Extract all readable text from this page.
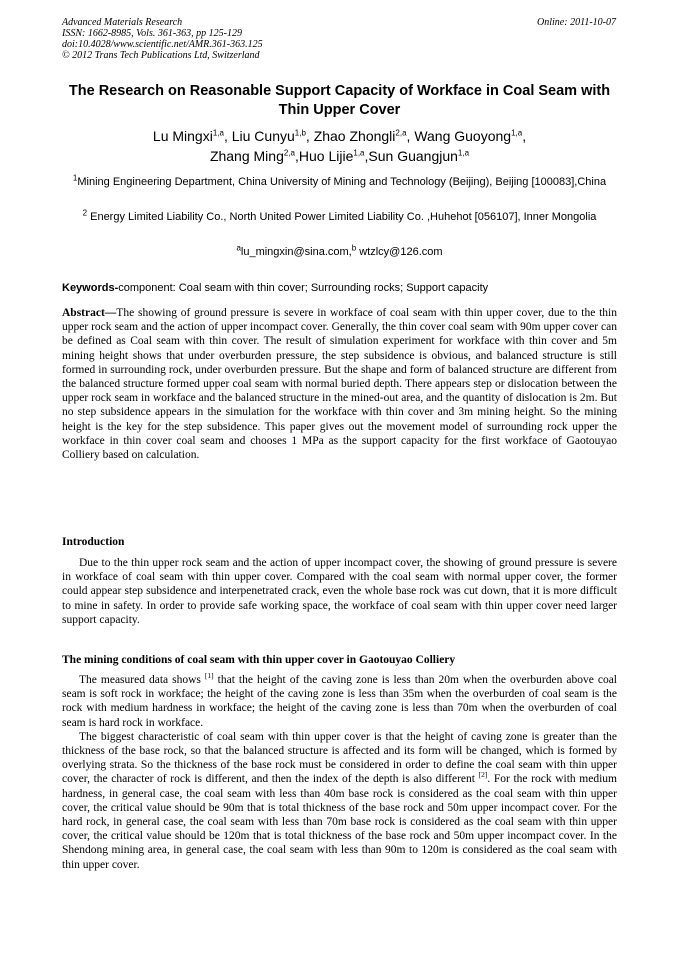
Advanced Materials Research
ISSN: 1662-8985, Vols. 361-363, pp 125-129
doi:10.4028/www.scientific.net/AMR.361-363.125
© 2012 Trans Tech Publications Ltd, Switzerland
Online: 2011-10-07
The Research on Reasonable Support Capacity of Workface in Coal Seam with Thin Upper Cover
Lu Mingxi$^{1,a}$, Liu Cunyu$^{1,b}$, Zhao Zhongli$^{2,a}$, Wang Guoyong$^{1,a}$,
Zhang Ming$^{2,a}$,Huo Lijie$^{1,a}$,Sun Guangjun$^{1,a}$
$^1$Mining Engineering Department, China University of Mining and Technology (Beijing), Beijing [100083],China
$^2$ Energy Limited Liability Co., North United Power Limited Liability Co. ,Huhehot [056107], Inner Mongolia
$^a$lu_mingxin@sina.com,$^b$ wtzlcy@126.com
Keywords-component: Coal seam with thin cover; Surrounding rocks; Support capacity

Abstract—The showing of ground pressure is severe in workface of coal seam with thin upper cover, due to the thin upper rock seam and the action of upper incompact cover. Generally, the thin cover coal seam with 90m upper cover can be defined as Coal seam with thin cover. The result of simulation experiment for workface with thin cover and 5m mining height shows that under overburden pressure, the step subsidence is obvious, and balanced structure is still formed in surrounding rock, under overburden pressure. But the shape and form of balanced structure are different from the balanced structure formed upper coal seam with normal buried depth. There appears step or dislocation between the upper rock seam in workface and the balanced structure in the mined-out area, and the quantity of dislocation is 2m. But no step subsidence appears in the simulation for the workface with thin cover and 3m mining height. So the mining height is the key for the step subsidence. This paper gives out the movement model of surrounding rock upper the workface in thin cover coal seam and chooses 1 MPa as the support capacity for the first workface of Gaotouyao Colliery based on calculation.

Introduction

Due to the thin upper rock seam and the action of upper incompact cover, the showing of ground pressure is severe in workface of coal seam with thin upper cover. Compared with the coal seam with normal upper cover, the former could appear step subsidence and interpenetrated crack, even the whole base rock was cut down, that it is more difficult to mine in safety. In order to provide safe working space, the workface of coal seam with thin upper cover need larger support capacity.

The mining conditions of coal seam with thin upper cover in Gaotouyao Colliery

The measured data shows [1] that the height of the caving zone is less than 20m when the overburden above coal seam is soft rock in workface; the height of the caving zone is less than 35m when the overburden of coal seam is the rock with medium hardness in workface; the height of the caving zone is less than 70m when the overburden of coal seam is hard rock in workface.

The biggest characteristic of coal seam with thin upper cover is that the height of caving zone is greater than the thickness of the base rock, so that the balanced structure is affected and its form will be changed, which is formed by overlying strata. So the thickness of the base rock must be considered in order to define the coal seam with thin upper cover, the character of rock is different, and then the index of the depth is also different [2]. For the rock with medium hardness, in general case, the coal seam with less than 40m base rock is considered as the coal seam with thin upper cover, the critical value should be 90m that is total thickness of the base rock and 50m upper incompact cover. For the hard rock, in general case, the coal seam with less than 70m base rock is considered as the coal seam with thin upper cover, the critical value should be 120m that is total thickness of the base rock and 50m upper incompact cover. In the Shendong mining area, in general case, the coal seam with less than 90m to 120m is considered as the coal seam with thin upper cover.
